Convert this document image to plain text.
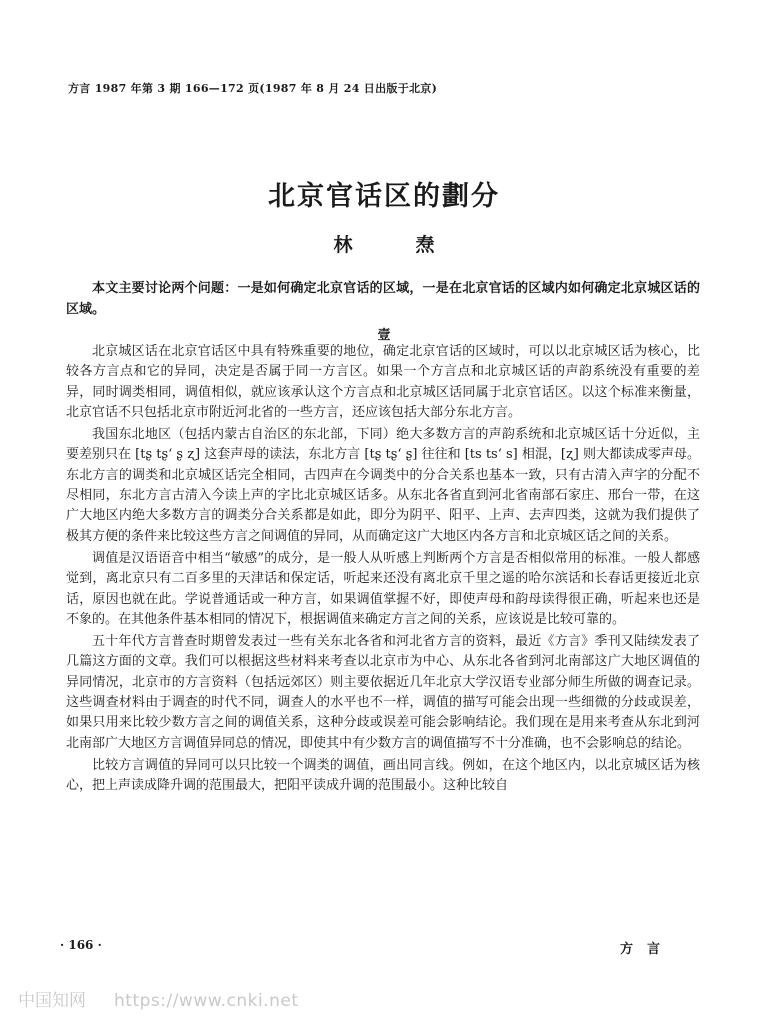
方言 1987 年第 3 期 166—172 页(1987 年 8 月 24 日出版于北京)
北京官话区的劃分
林　焘

本文主要讨论两个问题：一是如何确定北京官话的区域，一是在北京官话的区域内如何确定北京城区话的区域。

壹

北京城区话在北京官话区中具有特殊重要的地位，确定北京官话的区域时，可以以北京城区话为核心，比较各方言点和它的异同，决定是否属于同一方言区。如果一个方言点和北京城区话的声韵系统没有重要的差异，同时调类相同，调值相似，就应该承认这个方言点和北京城区话同属于北京官话区。以这个标准来衡量，北京官话不只包括北京市附近河北省的一些方言，还应该包括大部分东北方言。

我国东北地区（包括内蒙古自治区的东北部，下同）绝大多数方言的声韵系统和北京城区话十分近似，主要差别只在 [tʂ tʂʻ ʂ ʐ] 这套声母的读法，东北方言 [tʂ tʂʻ ʂ] 往往和 [ts tsʻ s] 相混，[ʐ] 则大都读成零声母。东北方言的调类和北京城区话完全相同，古四声在今调类中的分合关系也基本一致，只有古清入声字的分配不尽相同，东北方言古清入今读上声的字比北京城区话多。从东北各省直到河北省南部石家庄、邢台一带，在这广大地区内绝大多数方言的调类分合关系都是如此，即分为阴平、阳平、上声、去声四类，这就为我们提供了极其方便的条件来比较这些方言之间调值的异同，从而确定这广大地区内各方言和北京城区话之间的关系。

调值是汉语语音中相当“敏感”的成分，是一般人从听感上判断两个方言是否相似常用的标准。一般人都感觉到，离北京只有二百多里的天津话和保定话，听起来还没有离北京千里之遥的哈尔滨话和长春话更接近北京话，原因也就在此。学说普通话或一种方言，如果调值掌握不好，即使声母和韵母读得很正确，听起来也还是不象的。在其他条件基本相同的情况下，根据调值来确定方言之间的关系，应该说是比较可靠的。

五十年代方言普查时期曾发表过一些有关东北各省和河北省方言的资料，最近《方言》季刊又陆续发表了几篇这方面的文章。我们可以根据这些材料来考查以北京市为中心、从东北各省到河北南部这广大地区调值的异同情况，北京市的方言资料（包括远郊区）则主要依据近几年北京大学汉语专业部分师生所做的调查记录。这些调查材料由于调查的时代不同，调查人的水平也不一样，调值的描写可能会出现一些细微的分歧或误差，如果只用来比较少数方言之间的调值关系，这种分歧或误差可能会影响结论。我们现在是用来考查从东北到河北南部广大地区方言调值异同总的情况，即使其中有少数方言的调值描写不十分准确，也不会影响总的结论。

比较方言调值的异同可以只比较一个调类的调值，画出同言线。例如，在这个地区内，以北京城区话为核心，把上声读成降升调的范围最大，把阳平读成升调的范围最小。这种比较自

· 166 ·	方言
中国知网 https://www.cnki.net
